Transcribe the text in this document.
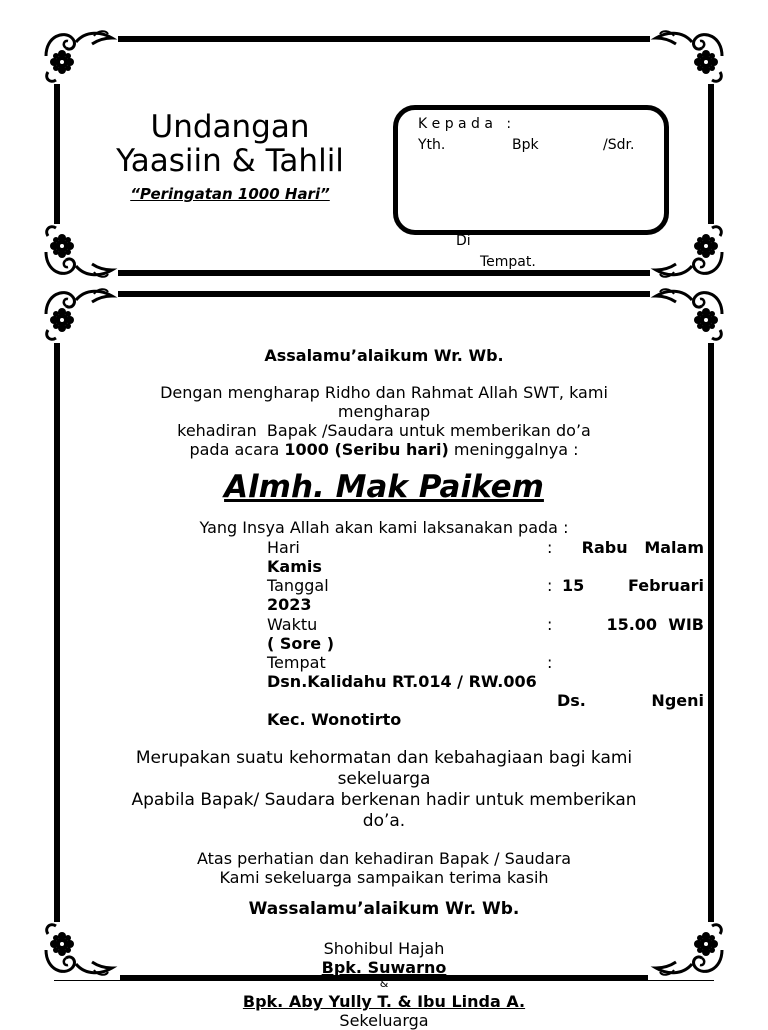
Undangan
Yaasiin & Tahlil
“Peringatan 1000 Hari”
K e p a d a   :
Yth.	Bpk	/Sdr.
Di
Tempat.
Assalamu’alaikum Wr. Wb.
Dengan mengharap Ridho dan Rahmat Allah SWT, kami
mengharap
kehadiran  Bapak /Saudara untuk memberikan do’a
pada acara 1000 (Seribu hari) meninggalnya :
Almh. Mak Paikem
Yang Insya Allah akan kami laksanakan pada :
Hari	: Rabu   Malam
Kamis
Tanggal	: 15	Februari
2023
Waktu	:	15.00  WIB
( Sore )
Tempat	:
Dsn.Kalidahu RT.014 / RW.006
Ds.	Ngeni
Kec. Wonotirto
Merupakan suatu kehormatan dan kebahagiaan bagi kami
sekeluarga
Apabila Bapak/ Saudara berkenan hadir untuk memberikan
do’a.
Atas perhatian dan kehadiran Bapak / Saudara
Kami sekeluarga sampaikan terima kasih
Wassalamu’alaikum Wr. Wb.
Shohibul Hajah
Bpk. Suwarno
&
Bpk. Aby Yully T. & Ibu Linda A.
Sekeluarga
